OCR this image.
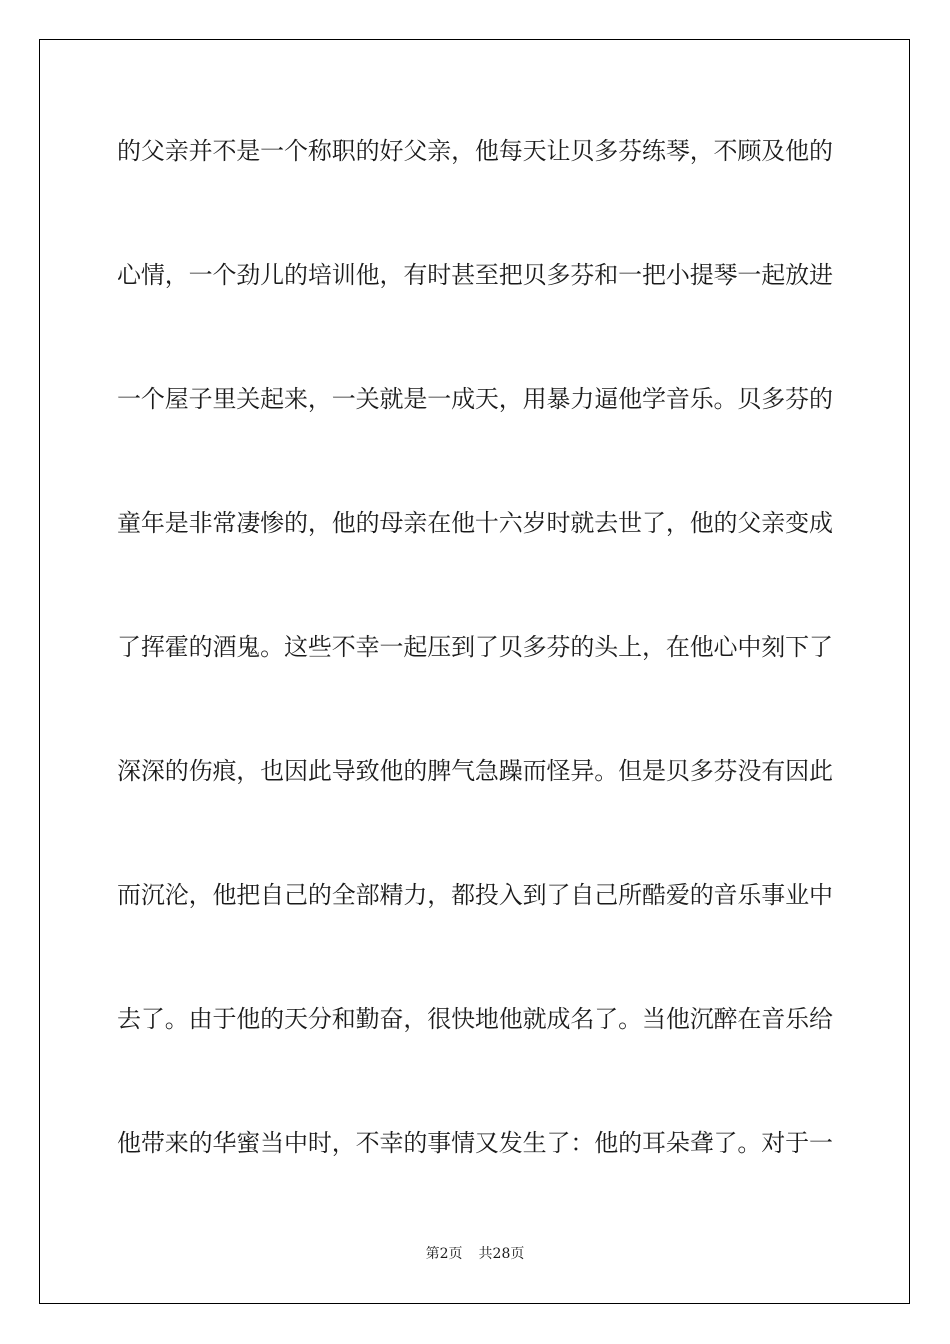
的父亲并不是一个称职的好父亲，他每天让贝多芬练琴，不顾及他的
心情，一个劲儿的培训他，有时甚至把贝多芬和一把小提琴一起放进
一个屋子里关起来，一关就是一成天，用暴力逼他学音乐。贝多芬的
童年是非常凄惨的，他的母亲在他十六岁时就去世了，他的父亲变成
了挥霍的酒鬼。这些不幸一起压到了贝多芬的头上，在他心中刻下了
深深的伤痕，也因此导致他的脾气急躁而怪异。但是贝多芬没有因此
而沉沦，他把自己的全部精力，都投入到了自己所酷爱的音乐事业中
去了。由于他的天分和勤奋，很快地他就成名了。当他沉醉在音乐给
他带来的华蜜当中时，不幸的事情又发生了：他的耳朵聋了。对于一
第2页 共28页
